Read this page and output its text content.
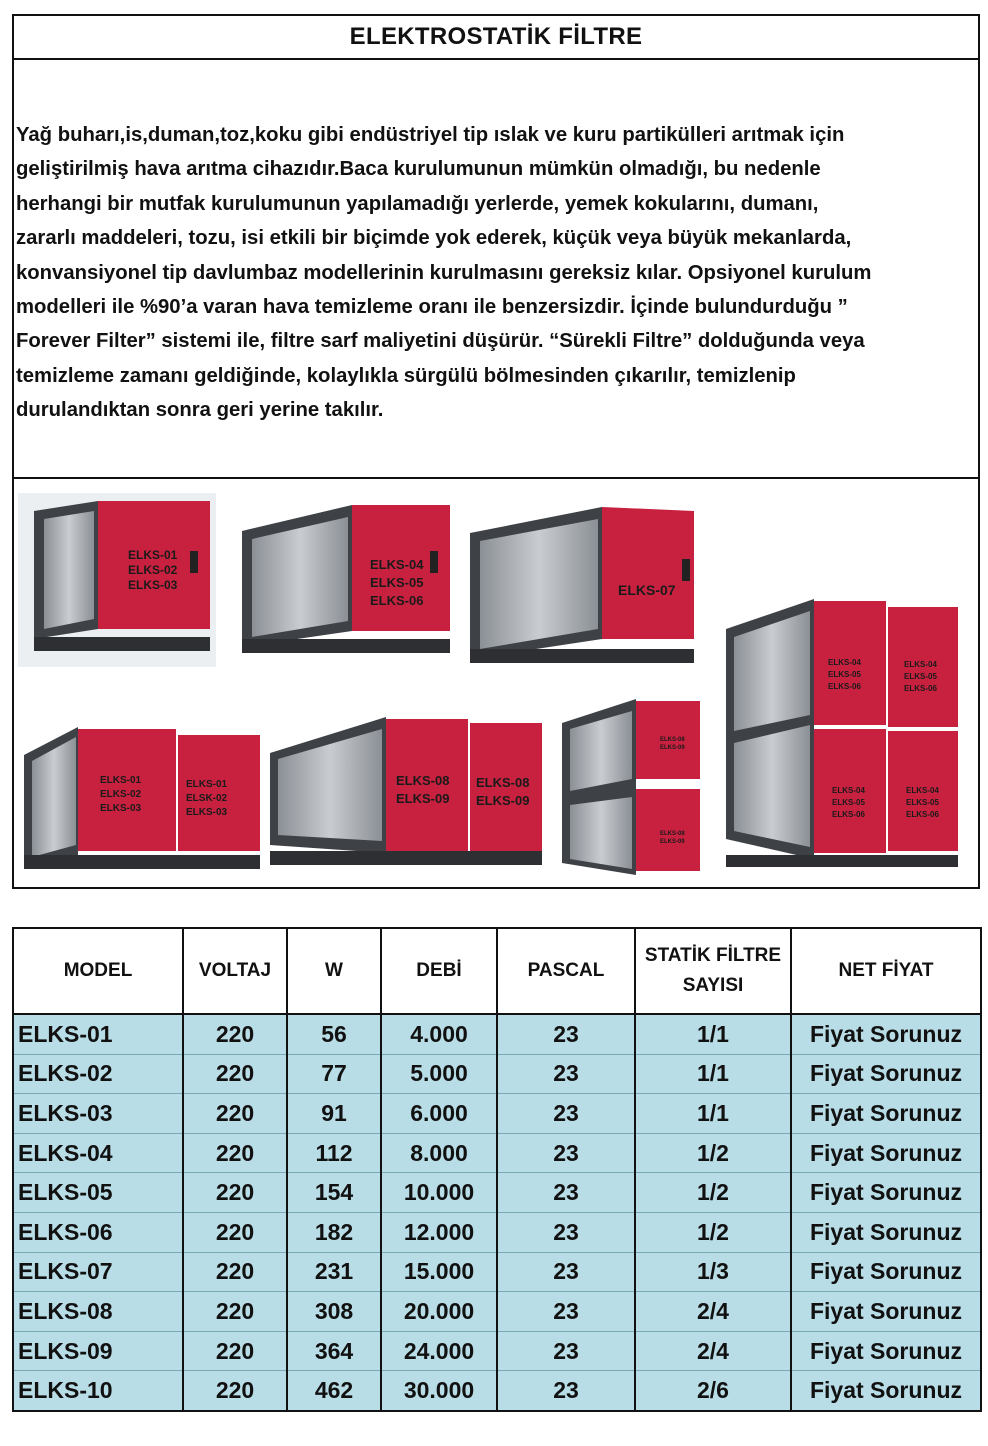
ELEKTROSTATİK FİLTRE
Yağ buharı,is,duman,toz,koku gibi endüstriyel tip ıslak ve kuru partikülleri arıtmak için
geliştirilmiş hava arıtma cihazıdır.Baca kurulumunun mümkün olmadığı, bu nedenle
herhangi bir mutfak kurulumunun yapılamadığı yerlerde, yemek kokularını, dumanı,
zararlı maddeleri, tozu, isi etkili bir biçimde yok ederek, küçük veya büyük mekanlarda,
konvansiyonel tip davlumbaz modellerinin kurulmasını gereksiz kılar. Opsiyonel kurulum
modelleri ile %90’a varan hava temizleme oranı ile benzersizdir. İçinde bulundurduğu ”
Forever Filter” sistemi ile, filtre sarf maliyetini düşürür. “Sürekli Filtre” dolduğunda veya
temizleme zamanı geldiğinde, kolaylıkla sürgülü bölmesinden çıkarılır, temizlenip
durulandıktan sonra geri yerine takılır.
ELKS-01
ELKS-02
ELKS-03
ELKS-04
ELKS-05
ELKS-06
ELKS-07
ELKS-04
ELKS-05
ELKS-06
ELKS-04
ELKS-05
ELKS-06
ELKS-04
ELKS-05
ELKS-06
ELKS-04
ELKS-05
ELKS-06
ELKS-01
ELKS-02
ELKS-03
ELKS-01
ELSK-02
ELKS-03
ELKS-08
ELKS-09
ELKS-08
ELKS-09
ELKS-08
ELKS-09
ELKS-08
ELKS-09
MODEL	VOLTAJ	W	DEBİ	PASCAL	STATİK FİLTRE SAYISI	NET FİYAT
ELKS-01	220	56	4.000	23	1/1	Fiyat Sorunuz
ELKS-02	220	77	5.000	23	1/1	Fiyat Sorunuz
ELKS-03	220	91	6.000	23	1/1	Fiyat Sorunuz
ELKS-04	220	112	8.000	23	1/2	Fiyat Sorunuz
ELKS-05	220	154	10.000	23	1/2	Fiyat Sorunuz
ELKS-06	220	182	12.000	23	1/2	Fiyat Sorunuz
ELKS-07	220	231	15.000	23	1/3	Fiyat Sorunuz
ELKS-08	220	308	20.000	23	2/4	Fiyat Sorunuz
ELKS-09	220	364	24.000	23	2/4	Fiyat Sorunuz
ELKS-10	220	462	30.000	23	2/6	Fiyat Sorunuz
